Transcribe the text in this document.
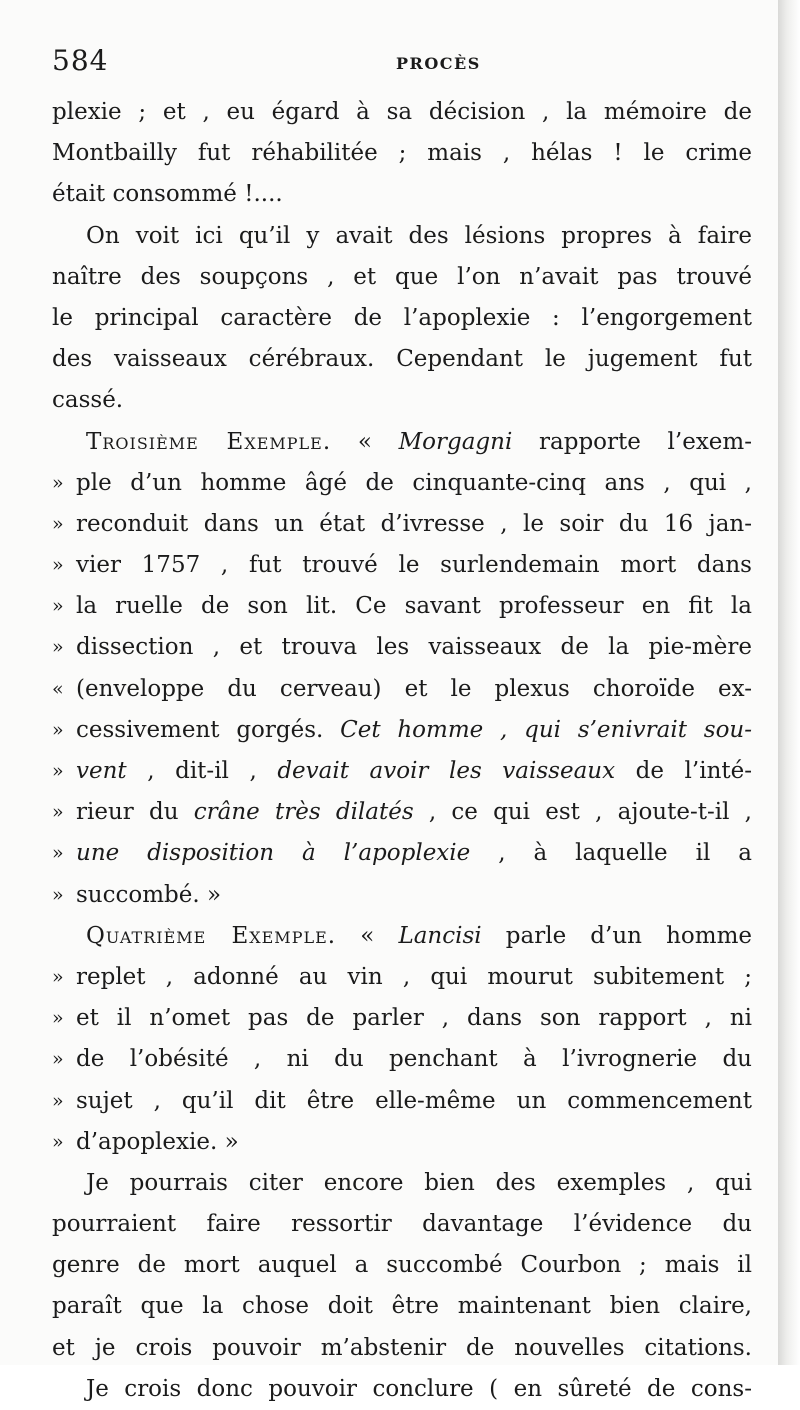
584	PROCÈS
plexie ; et , eu égard à sa décision , la mémoire de
Montbailly fut réhabilitée ; mais , hélas ! le crime
était consommé !....
On voit ici qu’il y avait des lésions propres à faire
naître des soupçons , et que l’on n’avait pas trouvé
le principal caractère de l’apoplexie : l’engorgement
des vaisseaux cérébraux. Cependant le jugement fut
cassé.
Troisième Exemple. « Morgagni rapporte l’exem-
» ple d’un homme âgé de cinquante-cinq ans , qui ,
» reconduit dans un état d’ivresse , le soir du 16 jan-
» vier 1757 , fut trouvé le surlendemain mort dans
» la ruelle de son lit. Ce savant professeur en fit la
» dissection , et trouva les vaisseaux de la pie-mère
« (enveloppe du cerveau) et le plexus choroïde ex-
» cessivement gorgés. Cet homme , qui s’enivrait sou-
» vent , dit-il , devait avoir les vaisseaux de l’inté-
» rieur du crâne très dilatés , ce qui est , ajoute-t-il ,
» une disposition à l’apoplexie , à laquelle il a
» succombé. »
Quatrième Exemple. « Lancisi parle d’un homme
» replet , adonné au vin , qui mourut subitement ;
» et il n’omet pas de parler , dans son rapport , ni
» de l’obésité , ni du penchant à l’ivrognerie du
» sujet , qu’il dit être elle-même un commencement
» d’apoplexie. »
Je pourrais citer encore bien des exemples , qui
pourraient faire ressortir davantage l’évidence du
genre de mort auquel a succombé Courbon ; mais il
paraît que la chose doit être maintenant bien claire,
et je crois pouvoir m’abstenir de nouvelles citations.
Je crois donc pouvoir conclure ( en sûreté de cons-
